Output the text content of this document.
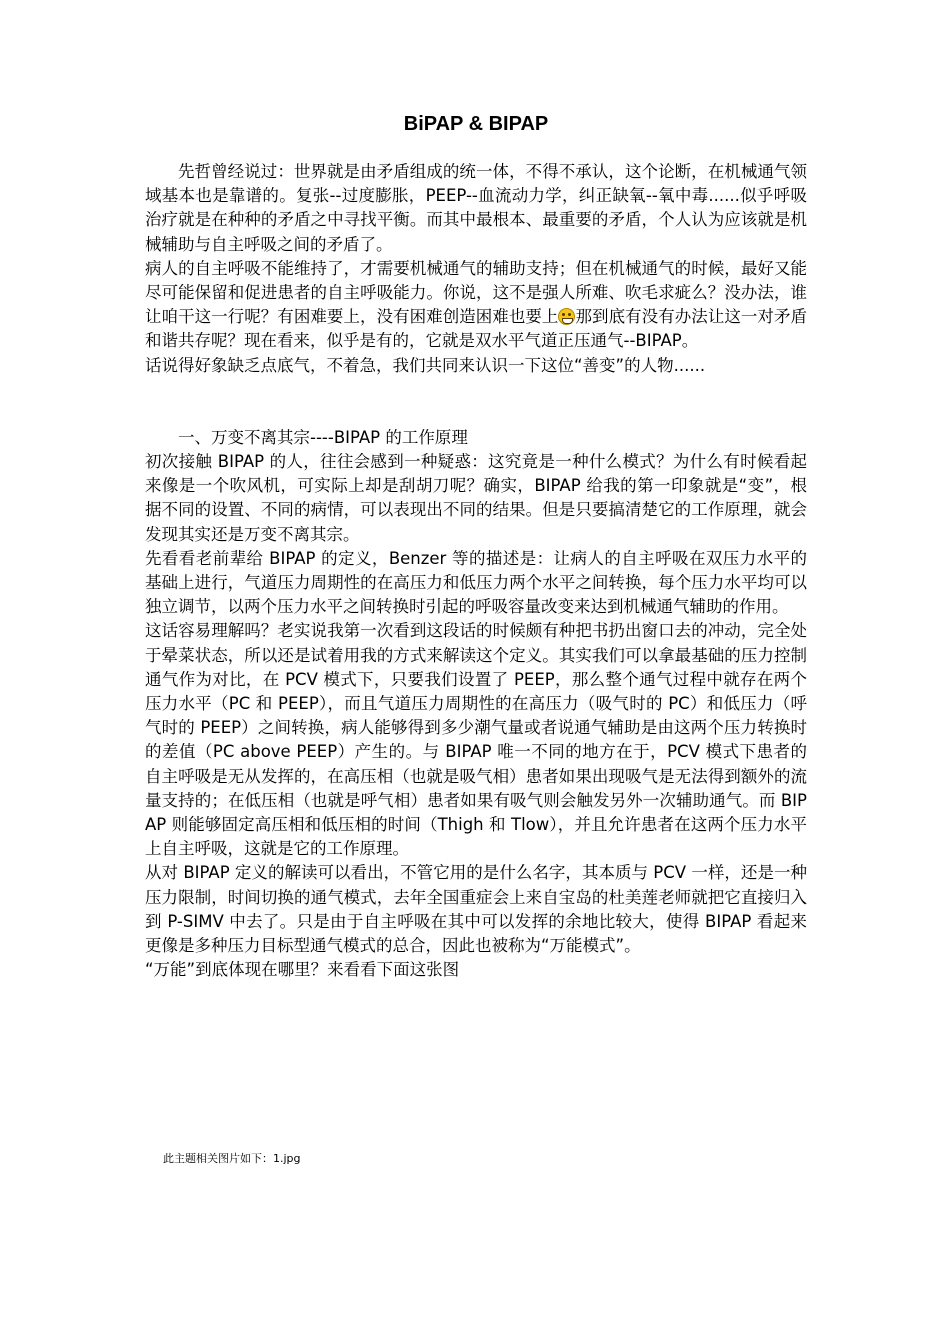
BiPAP & BIPAP

先哲曾经说过：世界就是由矛盾组成的统一体，不得不承认，这个论断，在机械通气领域基本也是靠谱的。复张--过度膨胀，PEEP--血流动力学，纠正缺氧--氧中毒......似乎呼吸治疗就是在种种的矛盾之中寻找平衡。而其中最根本、最重要的矛盾，个人认为应该就是机械辅助与自主呼吸之间的矛盾了。

病人的自主呼吸不能维持了，才需要机械通气的辅助支持；但在机械通气的时候，最好又能尽可能保留和促进患者的自主呼吸能力。你说，这不是强人所难、吹毛求疵么？没办法，谁让咱干这一行呢？有困难要上，没有困难创造困难也要上 那到底有没有办法让这一对矛盾和谐共存呢？现在看来，似乎是有的，它就是双水平气道正压通气--BIPAP。

话说得好象缺乏点底气，不着急，我们共同来认识一下这位“善变”的人物......

一、万变不离其宗----BIPAP 的工作原理

初次接触 BIPAP 的人，往往会感到一种疑惑：这究竟是一种什么模式？为什么有时候看起来像是一个吹风机，可实际上却是刮胡刀呢？确实，BIPAP 给我的第一印象就是“变”，根据不同的设置、不同的病情，可以表现出不同的结果。但是只要搞清楚它的工作原理，就会发现其实还是万变不离其宗。

先看看老前辈给 BIPAP 的定义，Benzer 等的描述是：让病人的自主呼吸在双压力水平的基础上进行，气道压力周期性的在高压力和低压力两个水平之间转换，每个压力水平均可以独立调节，以两个压力水平之间转换时引起的呼吸容量改变来达到机械通气辅助的作用。

这话容易理解吗？老实说我第一次看到这段话的时候颇有种把书扔出窗口去的冲动，完全处于晕菜状态，所以还是试着用我的方式来解读这个定义。其实我们可以拿最基础的压力控制通气作为对比，在 PCV 模式下，只要我们设置了 PEEP，那么整个通气过程中就存在两个压力水平（PC 和 PEEP），而且气道压力周期性的在高压力（吸气时的 PC）和低压力（呼气时的 PEEP）之间转换，病人能够得到多少潮气量或者说通气辅助是由这两个压力转换时的差值（PC above PEEP）产生的。与 BIPAP 唯一不同的地方在于，PCV 模式下患者的自主呼吸是无从发挥的，在高压相（也就是吸气相）患者如果出现吸气是无法得到额外的流量支持的；在低压相（也就是呼气相）患者如果有吸气则会触发另外一次辅助通气。而 BIPAP 则能够固定高压相和低压相的时间（Thigh 和 Tlow），并且允许患者在这两个压力水平上自主呼吸，这就是它的工作原理。

从对 BIPAP 定义的解读可以看出，不管它用的是什么名字，其本质与 PCV 一样，还是一种压力限制，时间切换的通气模式，去年全国重症会上来自宝岛的杜美莲老师就把它直接归入到 P-SIMV 中去了。只是由于自主呼吸在其中可以发挥的余地比较大，使得 BIPAP 看起来更像是多种压力目标型通气模式的总合，因此也被称为“万能模式”。

“万能”到底体现在哪里？来看看下面这张图

此主题相关图片如下：1.jpg
